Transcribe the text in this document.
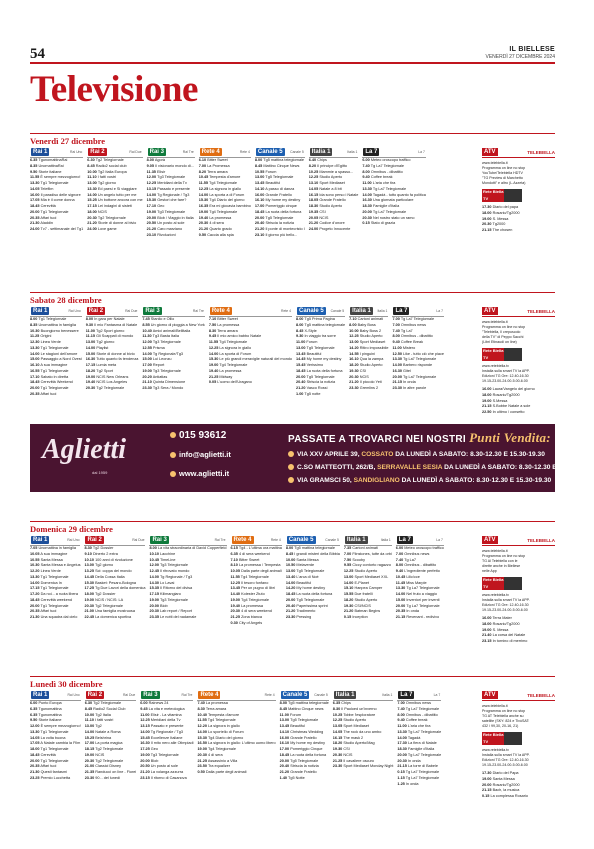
54	IL BIELLESE
VENERDÌ 27 DICEMBRE 2024
Televisione
Venerdì 27 dicembre
Rai 1	Rai Uno
6.35 TgunomattinaRai
8.35 UnomattinaRai
9.50 Storie italiane
11.55 È sempre mezzogiorno!
13.30 Tg1 Telegiornale
14.05 Telefilm
16.00 Il paradiso delle signore
17.05 Mia è il come donna
18.45 Cerevittà
20.00 Tg1 Telegiornale
20.35 Affari tuoi
21.30 Aladdin
24.00 Tv7 - settimanale del Tg1
Rai 2	Rai Due
6.30 Tg2 Telegiornale
8.45 Radio2 social club
10.00 Tg2 Italia Europa
11.10 I fatti vostri
13.00 Tg2 giorno
13.30 Ed paesi e Si viaggiare
14.00 Un angelo tutto per me
15.25 Un bottone ancora con me
17.15 Lei indagini di sisteti
18.00 NCIS
20.30 Tg2 Telegiornale
21.20 Storie di donne al bivio
24.00 Love game
Rai 3	Rai Tre
8.00 Agorà
9.05 Il visionario mondo di...
11.35 Elisir
12.00 Tg3 Telegiornale
12.25 Meridiani della Tv
13.15 Passato e presente
14.00 Tg Regionale / Tg3
15.30 Gestori che fare?
17.10 Geo
19.00 Tg3 Telegiornale
20.00 Blob / Viaggio in Italia
20.50 Un posto al sole
21.20 Caro marziano
23.10 Rivoluzioni
Rete 4	Rete 4
6.10 Bitter Sweet
7.00 La Promessa
8.20 Terra amara
10.45 Tempesta d'amore
11.55 Tg4 Telegiornale
12.25 La signora in giallo
14.00 La sporta a di Forum
15.30 Tg4 Diario del giorno
16.35 Era mi giocavia bambino
19.00 Tg4 Telegiornale
19.40 La promessa
20.30 4 di sera
21.20 Quarto grado
0.50 Caccia alla spia
Canale 5	Canale 5
8.00 Tg5 mattina telegiornale
8.45 Mattino Cinque News
10.55 Forum
13.00 Tg5 Telegiornale
13.45 Beautiful
14.10 A passo di danza
16.00 Grande Fratello
16.10 My home my destiny
17.00 Pomeriggio cinque
18.45 La ruota della fortuna
20.00 Tg5 Telegiornale
20.40 Striscia la notizia
21.20 Il ponte di montecristo I
23.10 Il giorno più bello...
Italia 1	Italia 1
6.40 Chips
8.20 Il principe d'Egitto
10.25 Mammie a spasso...
12.25 Studio Aperto
13.10 Sport Mediaset
14.05 Natale a 8 bit
16.15 Ida sono perso i Natale
18.05 Grande Fratello
18.30 Studio Aperto
19.35 CSI
20.05 NCIS
21.20 Codice d'onore
24.00 Progeto Innocente
La 7	La 7
6.00 Meteo oroscopo traffico
7.40 Tg La7 Telegiornale
8.00 Omnibus - dibattito
9.40 Coffee break
11.00 L'aria che tira
13.30 Tg La7 Telegiornale
14.00 Tagadà - tutto quanto fa politica
16.30 Una giornata particolare
18.30 Famiglie d'Italia
20.00 Tg La7 Telegiornale
20.30 Nel nostro stato un ramo
0.15 Stato di grazia
ATV	TELEBIELLA
www.telebiella.it
Programma on line no stop
YouTube/Telebiella HDTV
"TG Preview di Marchetto
Mondotti" e altro (L.Azzeta)
Rete Biella TV
17.30 Diario del papa
18.00 Rosario/Tg2000
19.00 S. Messa
20.30 Tg2000
21.15 The chosen
Sabato 28 dicembre
Rai 1	Rai Uno
8.00 Tg1 Telegiornale
8.35 Unomattina in famiglia
10.30 Buongiorno benessere
11.25 Origini
12.30 Linea Verde
13.30 Tg1 Telegiornale
14.00 Le stagioni dell'amore
15.00 Passaggio a Nord Ovest
16.10 A sua immagine
16.55 Tg1 Telegiornale
17.10 Sabato in diretta
18.45 Cerevittà Weekend
20.00 Tg1 Telegiornale
20.35 Affari tuoi
Rai 2	Rai Due
8.00 In gara per Natale
9.30 Il mio Fantasma di Natale
11.00 Tg2 Sport giorno
11.15 Gli Scappati di mondo
13.00 Tg2 giorno
14.00 Playlist
15.00 Storie di donne al bivio
16.30 Tutto quanto fa tendenza
17.15 Lumia meta
18.20 Tg2 Sport
19.00 NCIS New Orleans
19.40 NCIS Los Angeles
20.30 Tg2 Telegiornale
Rai 3	Rai Tre
7.45 Stanlio e Ollio
8.55 Un giorno di pioggia a New York
10.40 Amici animali/Bellitalia
11.30 Tg3 Basta Italia
12.00 Tg3 Telegiornale
12.55 Prisma
14.00 Tg Regionale/Tg3
15.00 Lui Leonzu
17.00 Report
19.00 Tg3 Telegiornale
20.20 Antiatlas
21.10 Quinta Dimensione
23.30 Tg3 Sera / Mondo
Rete 4	Rete 4
7.10 Bitter Sweet
7.50 La promessa
8.30 Terra amara
9.45 Il mio amico babbo Natale
11.55 Tg4 Telegiornale
12.25 La signora in giallo
14.00 La sporta di Forum
15.30 Le più grandi meraviglie naturali del mondo
19.00 Tg4 Telegiornale
19.40 La promessa
21.25 Midway
0.05 L'uomo dell'Uragano
Canale 5	Canale 5
8.00 Tg5 Prima Pagina
8.00 Tg5 mattina telegiornale
8.45 X-Style
9.30 In viaggio tra sorre
11.00 Forum
13.00 Tg5 Telegiornale
13.45 Beautiful
14.45 My home my destiny
15.45 Verissimo
18.45 La ruota della fortuna
20.00 Tg5 Telegiornale
20.40 Striscia la notizia
21.20 Vasco Rossi
1.00 Tg5 notte
Italia 1	Italia 1
7.10 Cartoni animati
8.00 Baby Boss
10.00 Baby Boss 2
12.25 Studio Aperto
13.00 Sport Mediaset
14.20 Ritiro impossibile
14.55 I pinguini
16.10 Qua la zampa
18.20 Studio Aperto
19.30 CSI
20.30 NCIS
21.20 Il piccolo Yeti
23.30 Gremlins 2
La 7	La 7
7.00 Tg La7 Telegiornale
7.00 Omnibus news
7.40 Tg La7
8.00 Omnibus - dibattito
9.40 Coffee Break
11.00 Mistero
12.50 Like - tutto ciò che piace
13.30 Tg La7 Telegiornale
14.00 Barbero risponde
16.30 Gitel
20.00 Tg La7 Telegiornale
21.15 In onda
23.30 In altre parole
ATV	TELEBIELLA
www.telebiella.it
Programma on line no stop
"Telebiella, Il crepuscolo
della TV" di Peppo Sacchi
(Libri Etinaudi on line)
Rete Biella TV
www.retebiella.tv
Installa sulla smart TV la APP.
Edizioni TG Ore: 12.40-16.30
19.15-23.00-24.00-5.00-6.00
16.00 Laura/Vangelo del giorno
18.00 Rosario/Tg2000
19.00 S.Messa
21.15 S.Bobbe Natale a sole
22.50 In ultimo / consetto
Domenica 29 dicembre
Rai 1	Rai Uno
7.05 Unomattina in famiglia
10.05 A sua immagine
10.55 Santa Messa
10.30 Santa Messa e Angelus
12.20 Linea Verde
13.30 Tg1 Telegiornale
14.00 Domenica In
17.15 Tg1 Telegiornale
17.20 Da noi... a ruota libera
18.45 Cerevittà weekend
20.00 Tg1 Telegiornale
20.35 Affari tuoi
21.30 Una squadra dal cielo
Rai 2	Rai Due
8.30 Tg2 Dossier
9.10 Dinerto 2 extra
10.10 100 anni di rivoluzione
13.00 Tg2 giorno
13.25 Sci: coppa del mondo
14.45 Della Cossa Italia
15.30 Basket: Pesaro-Bologna
17.25 Tg Due Lavori della domenica
18.00 Tg2 Dossier
19.00 NCIS / NCIS: LA
20.30 Tg2 Telegiornale
21.00 Una famiglia mostruosa
22.45 La domenica sportiva
Rai 3	Rai Tre
8.00 La vita straordinaria di David Copperfield
10.10 Lacchine
10.45 TimeLine
12.00 Tg3 Telegiornale
12.45 Il ritrovato mondo
14.00 Tg Regionale / Tg3
14.30 Lo Lavai
15.35 Il Ritorno del divisa
17.15 Kilimangiaro
19.00 Tg3 Telegiornale
20.00 Blob
20.30 Lab report / Report
23.35 Le notti del nadamale
Rete 4	Rete 4
6.15 Tg4 - L'ultima ora mattina
6.35 4 di sera weekend
7.10 Bitter Sweet
8.10 La promessa / Tempesta
10.05 Dalla parte degli animali
11.55 Tg4 Telegiornale
12.25 Il tesoro fonfano
13.45 Per un pugno di libri
14.40 Kolester Ztuto
19.00 Tg4 Telegiornale
19.40 La promessa
20.30 4 di sera weekend
21.25 Zona bianca
0.30 City of Angels
Canale 5	Canale 5
8.00 Tg5 mattina telegiornale
8.45 I grandi misteri della Bibbia
10.00 Santa Messa
10.50 Melaverde
13.00 Tg5 Telegiornale
13.40 L'arca di Noè
14.00 Beautiful
14.20 My home destiny
18.45 La ruota della fortuna
20.00 Tg5 Telegiornale
20.40 Paperissima sprint
21.20 Tradimento
23.30 Pressing
Italia 1	Italia 1
7.35 Cartoni animati
7.00 Flinstones, tutte da orbi
7.50 Scooby
9.55 Ciccy contorto ragazzo
12.25 Studio Aperto
13.00 Sport Mediaset XXL
14.00 E-Planet
15.10 Hanpea Camper
15.55 Due fratelli
18.20 Studio Aperto
19.30 CSI/NCIS
21.20 Batman Begins
0.15 Inception
La 7	La 7
6.00 Meteo oroscopo traffico
7.00 Omnibus news
7.40 Tg La7
8.00 Omnibus - dibattito
9.40 L'ingrediente perfetto
10.45 Lilic/cce
11.45 Miss Marple
13.30 Tg La7 Telegiornale
14.00 Nel fruto a viaggio
15.00 Inventori per inventi
20.00 Tg La7 Telegiornale
20.35 In onda
21.15 Revenant - redivivo
ATV	TELEBIELLA
www.telebiella.it
Programma on line no stop
TG Al Telebiella con le
dirette anche in Biellese
nelle App
Rete Biella TV
www.retebiella.tv
Installa sulla smart TV la APP.
Edizioni TG Ore: 12.40-16.30
19.15-23.00-24.00-5.00-6.00
16.00 Terra Mater
18.00 Rosario/Tg2000
19.00 S. Messa
21.40 La corsa del Natale
23.15 In tornino di merrimo
Lunedì 30 dicembre
Rai 1	Rai Uno
6.00 Punto Europa
6.35 Tgunomattina
6.35 Tgunomattina
9.50 Storie italiane
12.00 È sempre mezzogiorno!
13.30 Tg1 Telegiornale
14.05 La volta buona
17.05 A Natale cambia la Film
18.00 Tg1 Telegiornale
18.45 Cerevittà
20.00 Tg1 Telegiornale
20.35 Affari tuoi
21.30 Questi fantasmi
23.25 Premio Lucchetta
Rai 2	Rai Due
6.30 Tg2 Telegiornale
8.45 Radio2 Social Club
10.00 Tg2 Italia
11.10 I fatti vostri
13.00 Tg2
14.00 Natale a Roma
15.25 Belshrina
17.00 La porta magica
18.15 Tg2 Telegiornale
19.00 NCIS
20.30 Tg2 Telegiornale
21.00 Classici Disney
21.35 Randucci on line - Fiorei
23.30 90... del lunedì
Rai 3	Rai Tre
6.00 Rainews 24
9.45 La vita e meteologica
11.00 Elisir - La vitamina
12.25 Meridiani della Tv
13.15 Passato e presente
14.00 Tg Regionale / Tg3
15.45 Eccellenze Italiane
16.30 Il mito nero alle Olimpiadi
17.25 Geo
19.00 Tg3 Telegiornale
20.00 Blob
20.50 Un posto al sole
21.20 La volanga azzurra
23.15 Il ritorno di Casanova
Rete 4	Rete 4
7.40 La promessa
8.30 Terra amara
10.40 Tempesta d'amore
11.55 Tg4 Telegiornale
12.20 La signora in giallo
14.00 Lo sportello di Forum
15.30 Tg4 Diario del giorno
16.50 La signora in giallo: L'ultimo uomo libero
19.00 Tg4 Telegiornale
20.30 4 di sera
21.25 Assassinio a Villa
23.50 Tra equalizer
0.50 Dalla parte degli animali
Canale 5	Canale 5
8.00 Tg5 mattina telegiornale
8.45 Mattino Cinque news
11.00 Forum
13.00 Tg5 Telegiornale
13.45 Beautiful
14.10 Christmas Wedding
16.00 Grande Fratello
16.10 My home my destiny
17.00 Pomeriggio Cinque
18.45 La ruota della fortuna
20.00 Tg5 Telegiornale
20.40 Striscia la notizia
21.20 Grande Fratello
1.40 Tg5 Notte
Italia 1	Italia 1
6.35 Chips
8.30 Il Paoloed un'inverno
10.25 Tobbe l'esploratore
12.25 Studio Aperto
13.05 Sport Mediaset
14.05 The rock da uno ambo
16.15 The mask 2
18.20 Studio Aperto/Mag
19.30 CSI
20.30 NCIS
21.25 Il cavaliere oscuro
23.30 Sport Mediaset Monday Night
La 7	La 7
7.00 Omnibus news
7.40 Tg La7 Telegiornale
8.00 Omnibus - dibattito
9.40 Coffee break
11.00 L'aria che tira
13.30 Tg La7 Telegiornale
14.00 Tagadà
17.30 La fiera di Natale
18.30 Famiglie d'Italia
20.00 Tg La7 Telegiornale
20.30 In onda
21.15 La torre di Babele
0.15 Tg La7 Telegiornale
1.15 Tg La7 Telegiornale
1.25 In onda
ATV	TELEBIELLA
www.telebiella.it
Programma on line no stop
TG AT Telebiella anche su
satellite (SKY: 824 e TivùSAT:
432 / 99,30, 20-16, 21)
Rete Biella TV
www.retebiella.tv
Installa sulla smart TV la APP.
Edizioni TG Ore: 12.40-16.30
19.15-23.00-24.00-5.00-6.00
17.30 Diario del Papa
19.00 Santa Messa
20.00 Rosario/Tg2000
21.15 Bach, la musica
0.15 La complessa Rosario
Aglietti
dal 1959
015 93612
info@aglietti.it
www.aglietti.it
PASSATE A TROVARCI NEI NOSTRI Punti Vendita:
VIA XXV APRILE 39, COSSATO DA LUNEDÌ A SABATO: 8.30-12.30 E 15.30-19.30
C.SO MATTEOTTI, 262/B, SERRAVALLE SESIA DA LUNEDÌ A SABATO: 8.30-12.30 E 15.30-19.30
VIA GRAMSCI 50, SANDIGLIANO DA LUNEDÌ A SABATO: 8.30-12.30 E 15.30-19.30
